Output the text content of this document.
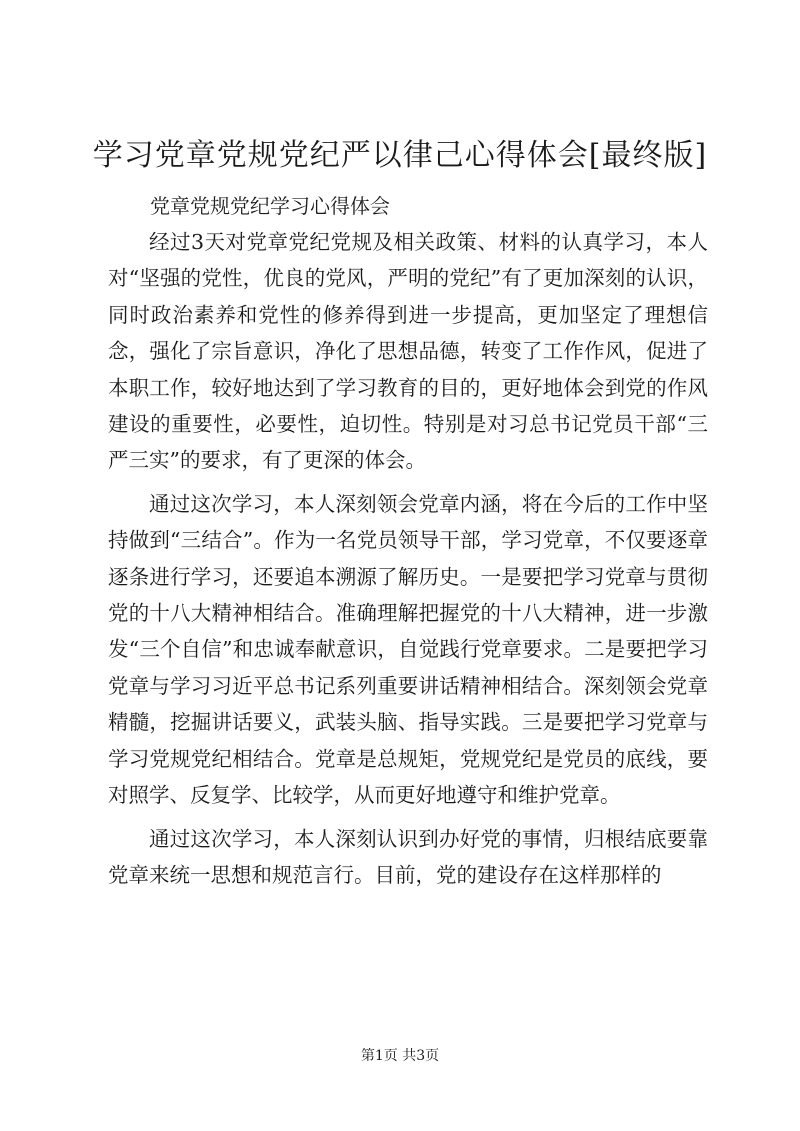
学习党章党规党纪严以律己心得体会[最终版]
党章党规党纪学习心得体会

经过3天对党章党纪党规及相关政策、材料的认真学习，本人对“坚强的党性，优良的党风，严明的党纪”有了更加深刻的认识，同时政治素养和党性的修养得到进一步提高，更加坚定了理想信念，强化了宗旨意识，净化了思想品德，转变了工作作风，促进了本职工作，较好地达到了学习教育的目的，更好地体会到党的作风建设的重要性，必要性，迫切性。特别是对习总书记党员干部“三严三实”的要求，有了更深的体会。

通过这次学习，本人深刻领会党章内涵，将在今后的工作中坚持做到“三结合”。作为一名党员领导干部，学习党章，不仅要逐章逐条进行学习，还要追本溯源了解历史。一是要把学习党章与贯彻党的十八大精神相结合。准确理解把握党的十八大精神，进一步激发“三个自信”和忠诚奉献意识，自觉践行党章要求。二是要把学习党章与学习习近平总书记系列重要讲话精神相结合。深刻领会党章精髓，挖掘讲话要义，武装头脑、指导实践。三是要把学习党章与学习党规党纪相结合。党章是总规矩，党规党纪是党员的底线，要对照学、反复学、比较学，从而更好地遵守和维护党章。

通过这次学习，本人深刻认识到办好党的事情，归根结底要靠党章来统一思想和规范言行。目前，党的建设存在这样那样的

第1页 共3页
